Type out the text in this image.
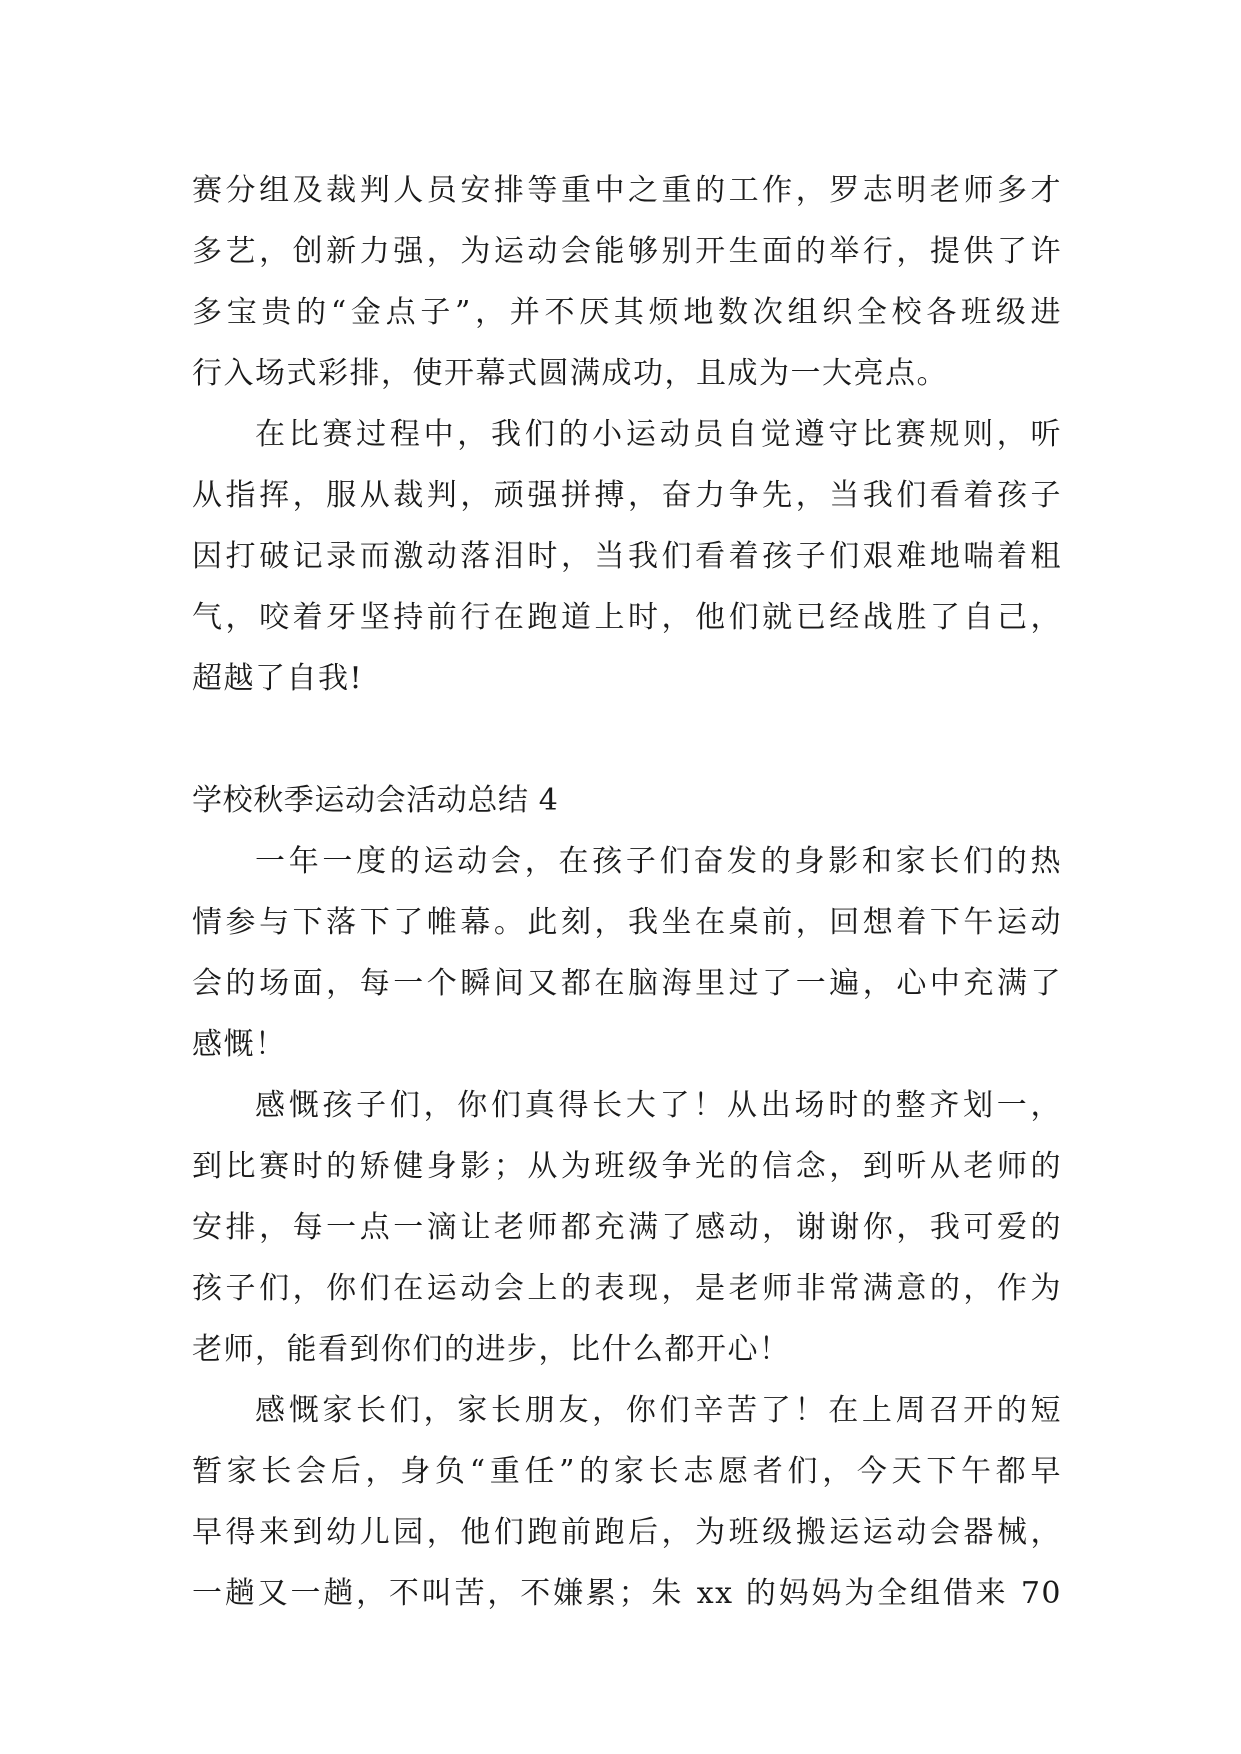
赛分组及裁判人员安排等重中之重的工作，罗志明老师多才
多艺，创新力强，为运动会能够别开生面的举行，提供了许
多宝贵的“金点子”，并不厌其烦地数次组织全校各班级进
行入场式彩排，使开幕式圆满成功，且成为一大亮点。
在比赛过程中，我们的小运动员自觉遵守比赛规则，听
从指挥，服从裁判，顽强拼搏，奋力争先，当我们看着孩子
因打破记录而激动落泪时，当我们看着孩子们艰难地喘着粗
气，咬着牙坚持前行在跑道上时，他们就已经战胜了自己，
超越了自我!
学校秋季运动会活动总结 4
一年一度的运动会，在孩子们奋发的身影和家长们的热
情参与下落下了帷幕。此刻，我坐在桌前，回想着下午运动
会的场面，每一个瞬间又都在脑海里过了一遍，心中充满了
感慨！
感慨孩子们，你们真得长大了！从出场时的整齐划一，
到比赛时的矫健身影；从为班级争光的信念，到听从老师的
安排，每一点一滴让老师都充满了感动，谢谢你，我可爱的
孩子们，你们在运动会上的表现，是老师非常满意的，作为
老师，能看到你们的进步，比什么都开心！
感慨家长们，家长朋友，你们辛苦了！在上周召开的短
暂家长会后，身负“重任”的家长志愿者们，今天下午都早
早得来到幼儿园，他们跑前跑后，为班级搬运运动会器械，
一趟又一趟，不叫苦，不嫌累；朱 xx 的妈妈为全组借来 70
